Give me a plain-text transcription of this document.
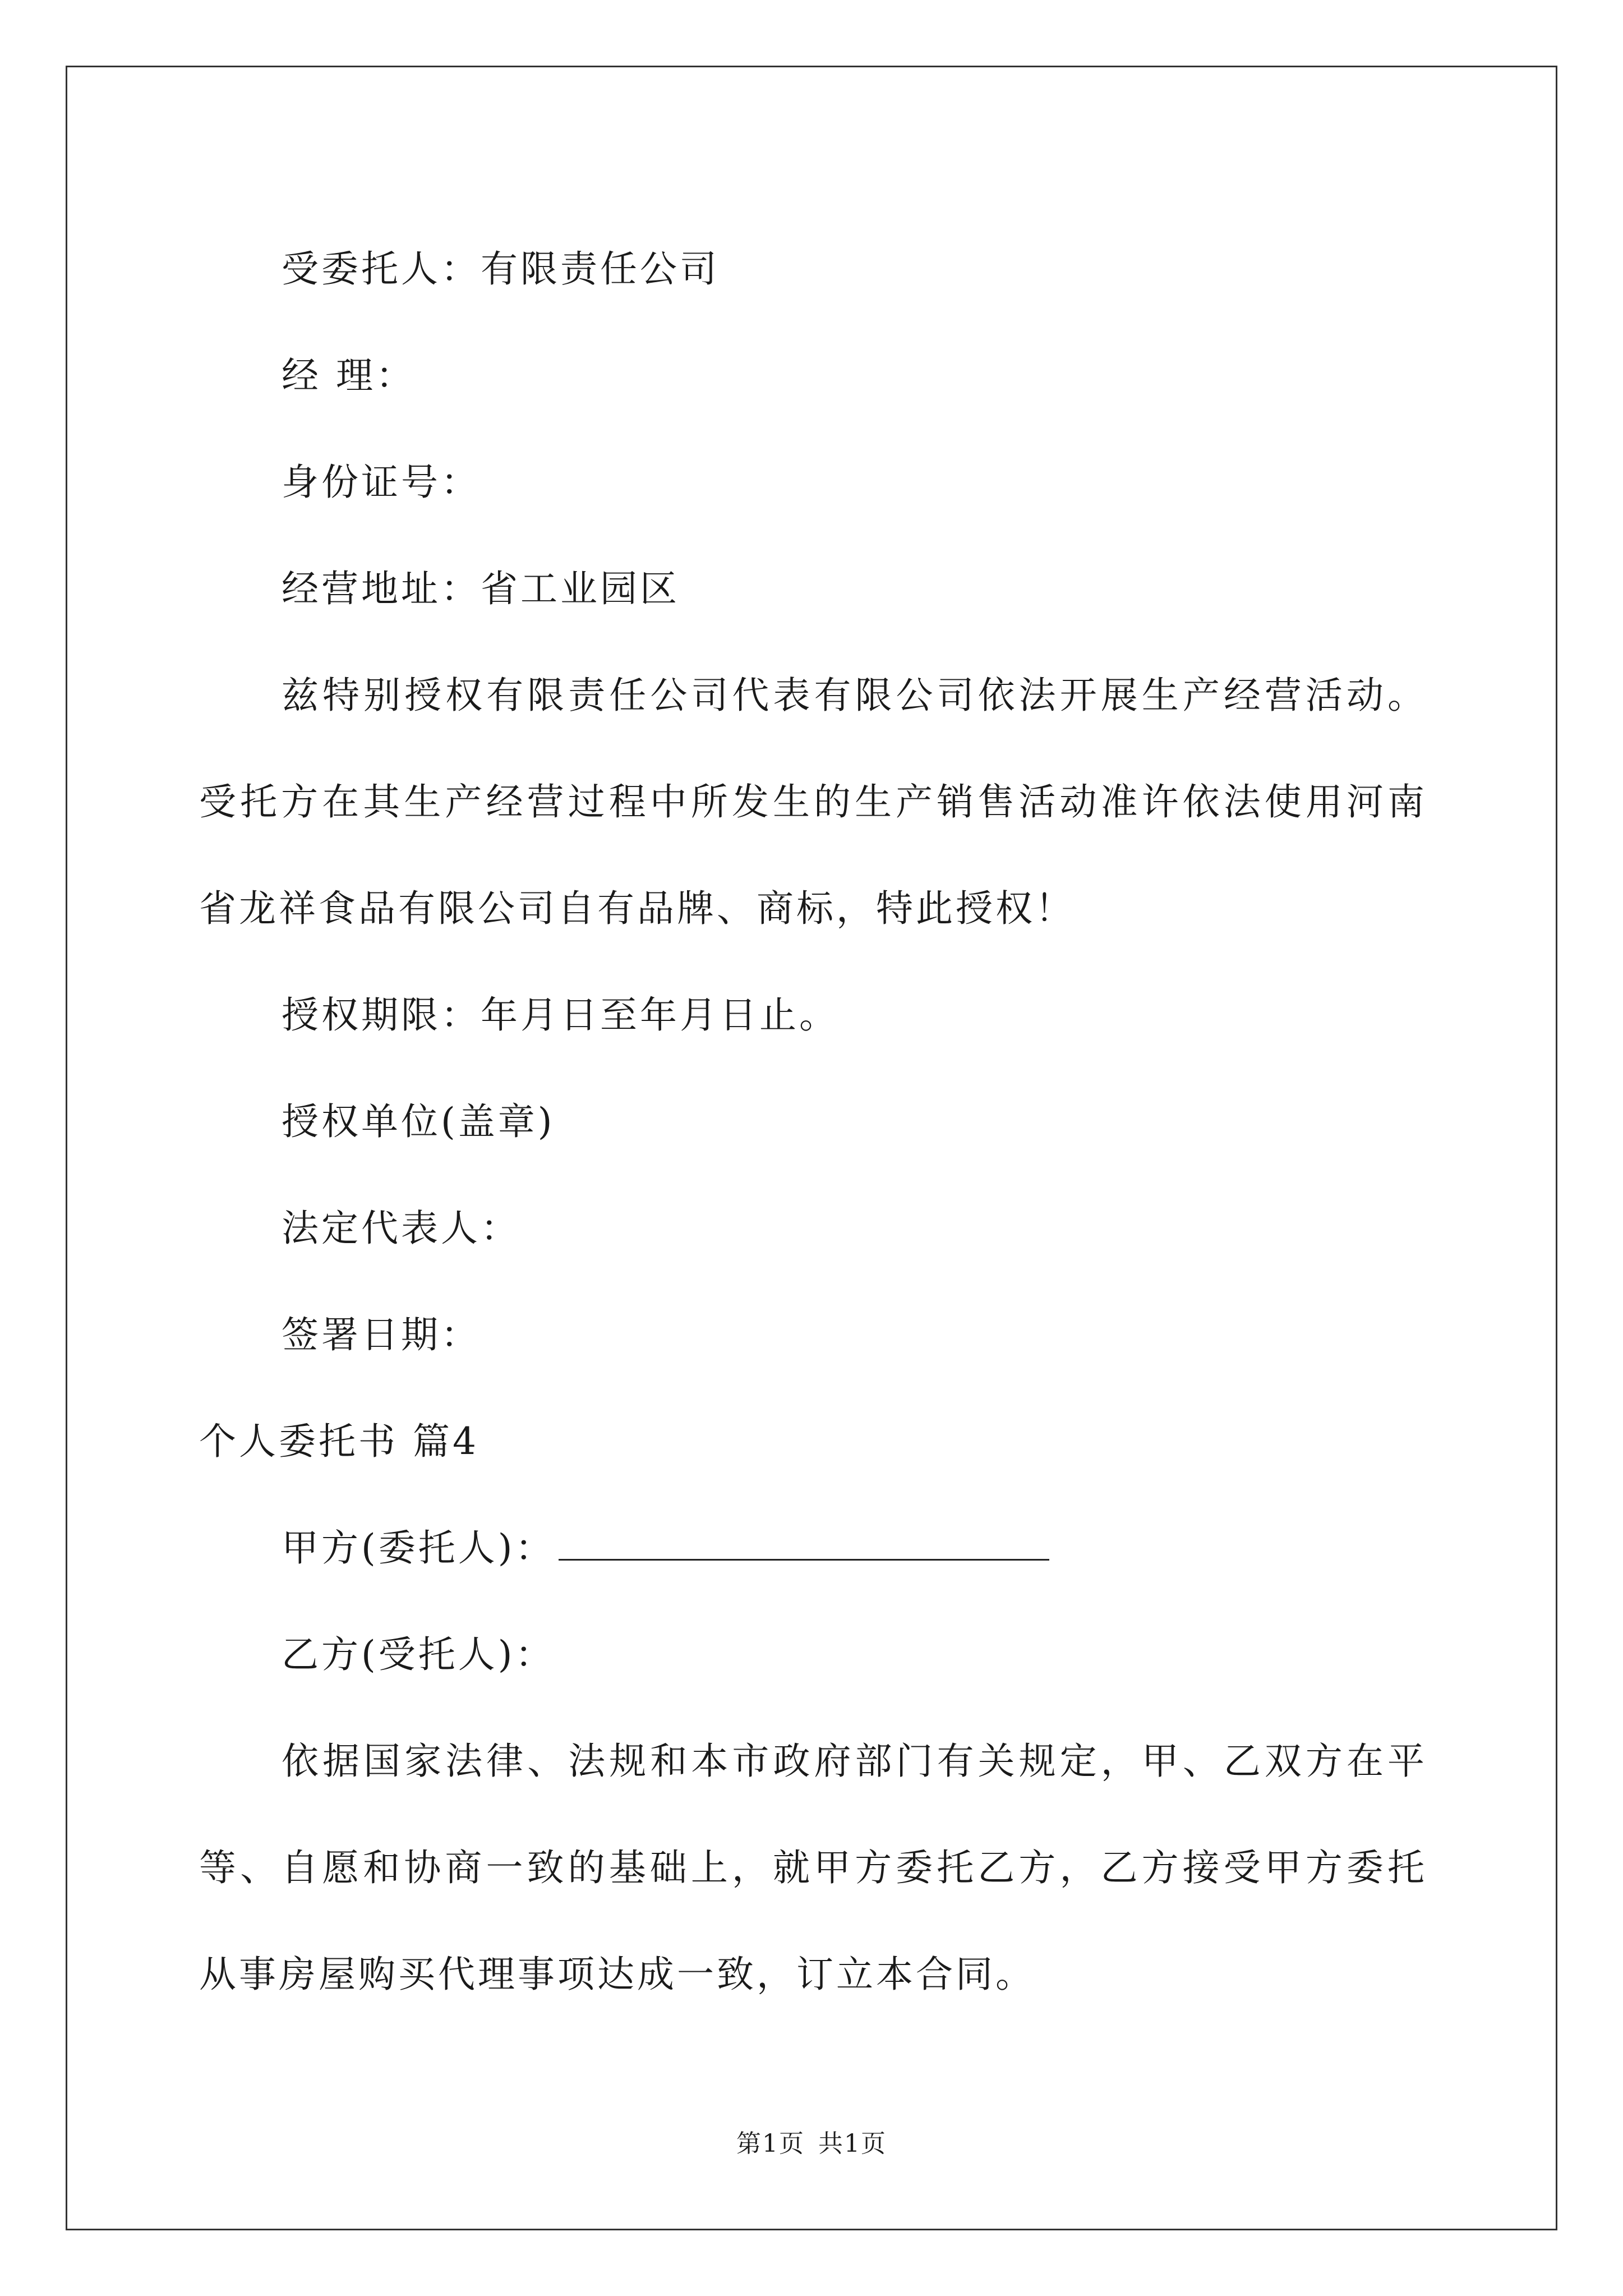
受委托人：有限责任公司
经 理：
身份证号：
经营地址：省工业园区
兹特别授权有限责任公司代表有限公司依法开展生产经营活动。
受托方在其生产经营过程中所发生的生产销售活动准许依法使用河南
省龙祥食品有限公司自有品牌、商标，特此授权！
授权期限：年月日至年月日止。
授权单位(盖章)
法定代表人：
签署日期：
个人委托书 篇4
甲方(委托人)：
乙方(受托人)：
依据国家法律、法规和本市政府部门有关规定，甲、乙双方在平
等、自愿和协商一致的基础上，就甲方委托乙方，乙方接受甲方委托
从事房屋购买代理事项达成一致，订立本合同。
第1页 共1页
